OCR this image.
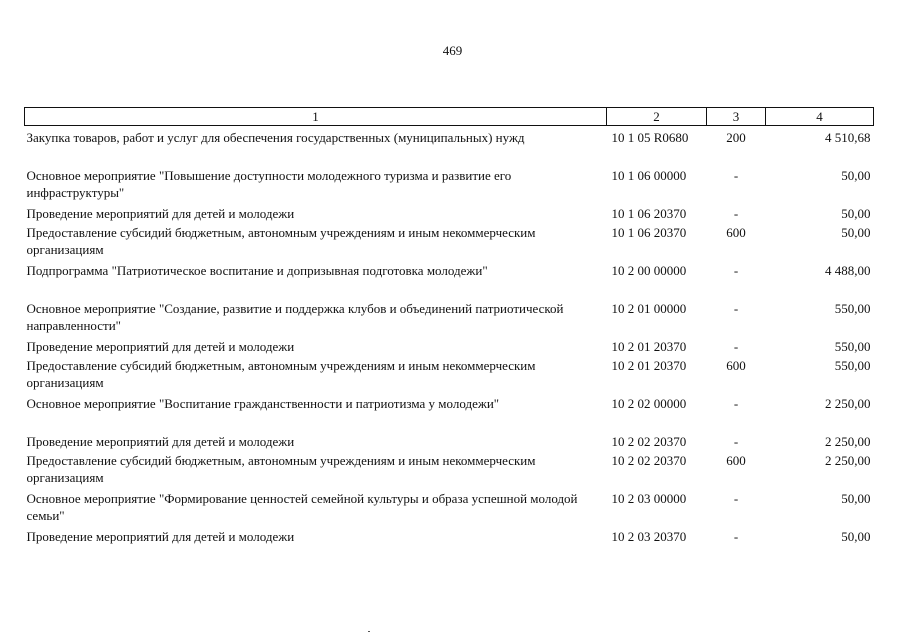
469
1	2	3	4
Закупка товаров, работ и услуг для обеспечения государственных (муниципальных) нужд	10 1 05 R0680	200	4 510,68
Основное мероприятие "Повышение доступности молодежного туризма и развитие его инфраструктуры"	10 1 06 00000	-	50,00
Проведение мероприятий для детей и молодежи	10 1 06 20370	-	50,00
Предоставление субсидий бюджетным, автономным учреждениям и иным некоммерческим организациям	10 1 06 20370	600	50,00
Подпрограмма "Патриотическое воспитание и допризывная подготовка молодежи"	10 2 00 00000	-	4 488,00
Основное мероприятие "Создание, развитие и поддержка клубов и объединений патриотической направленности"	10 2 01 00000	-	550,00
Проведение мероприятий для детей и молодежи	10 2 01 20370	-	550,00
Предоставление субсидий бюджетным, автономным учреждениям и иным некоммерческим организациям	10 2 01 20370	600	550,00
Основное мероприятие "Воспитание гражданственности и патриотизма у молодежи"	10 2 02 00000	-	2 250,00
Проведение мероприятий для детей и молодежи	10 2 02 20370	-	2 250,00
Предоставление субсидий бюджетным, автономным учреждениям и иным некоммерческим организациям	10 2 02 20370	600	2 250,00
Основное мероприятие "Формирование ценностей семейной культуры и образа успешной молодой семьи"	10 2 03 00000	-	50,00
Проведение мероприятий для детей и молодежи	10 2 03 20370	-	50,00
